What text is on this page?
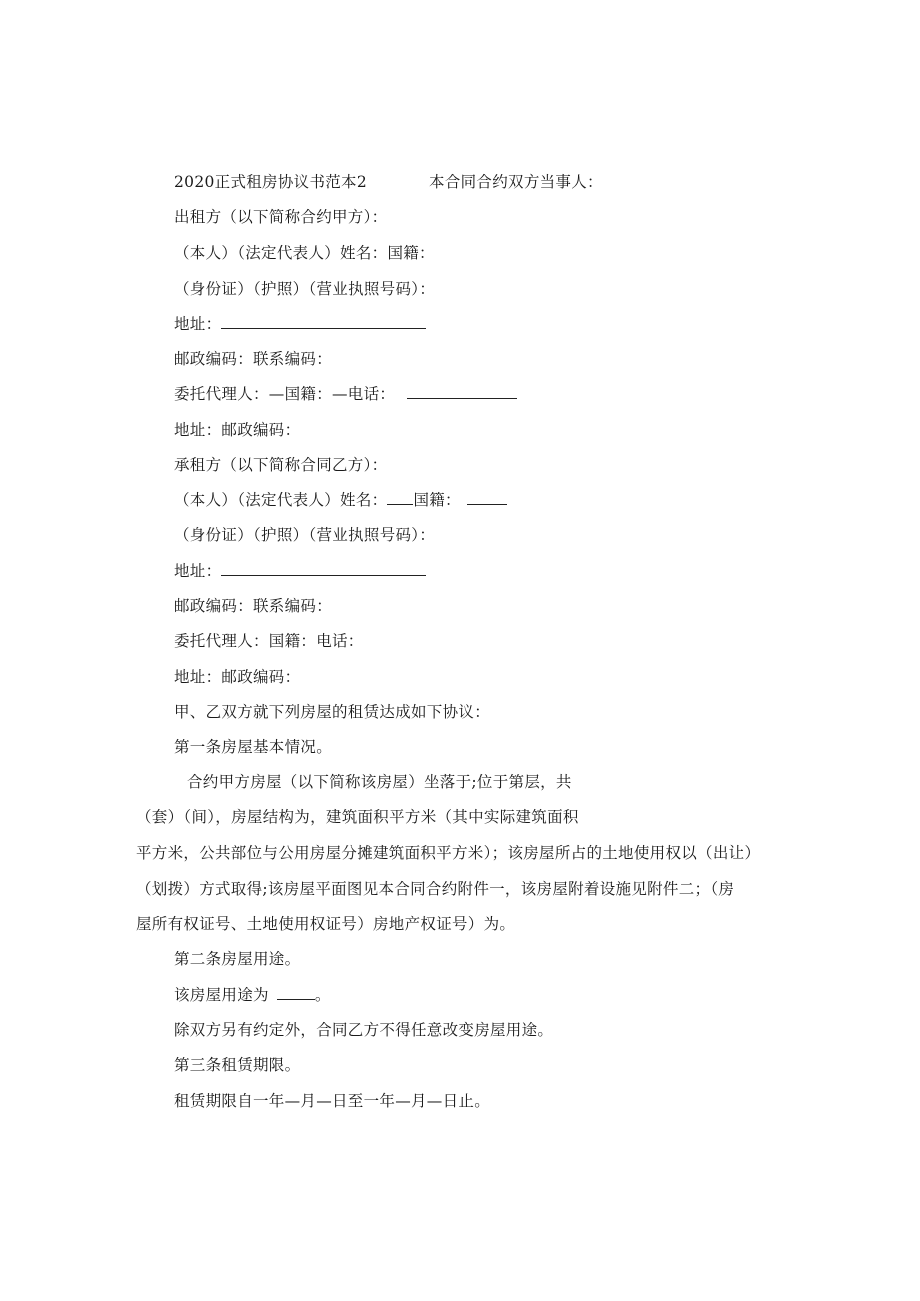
2020正式租房协议书范本2	本合同合约双方当事人：
出租方（以下简称合约甲方）：
（本人）（法定代表人）姓名：国籍：
（身份证）（护照）（营业执照号码）：
地址：
邮政编码：联系编码：
委托代理人：—国籍：—电话：
地址：邮政编码：
承租方（以下简称合同乙方）：
（本人）（法定代表人）姓名： 国籍：
（身份证）（护照）（营业执照号码）：
地址：
邮政编码：联系编码：
委托代理人：国籍：电话：
地址：邮政编码：
甲、乙双方就下列房屋的租赁达成如下协议：
第一条房屋基本情况。
合约甲方房屋（以下简称该房屋）坐落于;位于第层，共
（套）（间），房屋结构为，建筑面积平方米（其中实际建筑面积
平方米，公共部位与公用房屋分摊建筑面积平方米）；该房屋所占的土地使用权以（出让）
（划拨）方式取得;该房屋平面图见本合同合约附件一，该房屋附着设施见附件二；（房
屋所有权证号、土地使用权证号）房地产权证号）为。
第二条房屋用途。
该房屋用途为	。
除双方另有约定外，合同乙方不得任意改变房屋用途。
第三条租赁期限。
租赁期限自一年—月—日至一年—月—日止。
